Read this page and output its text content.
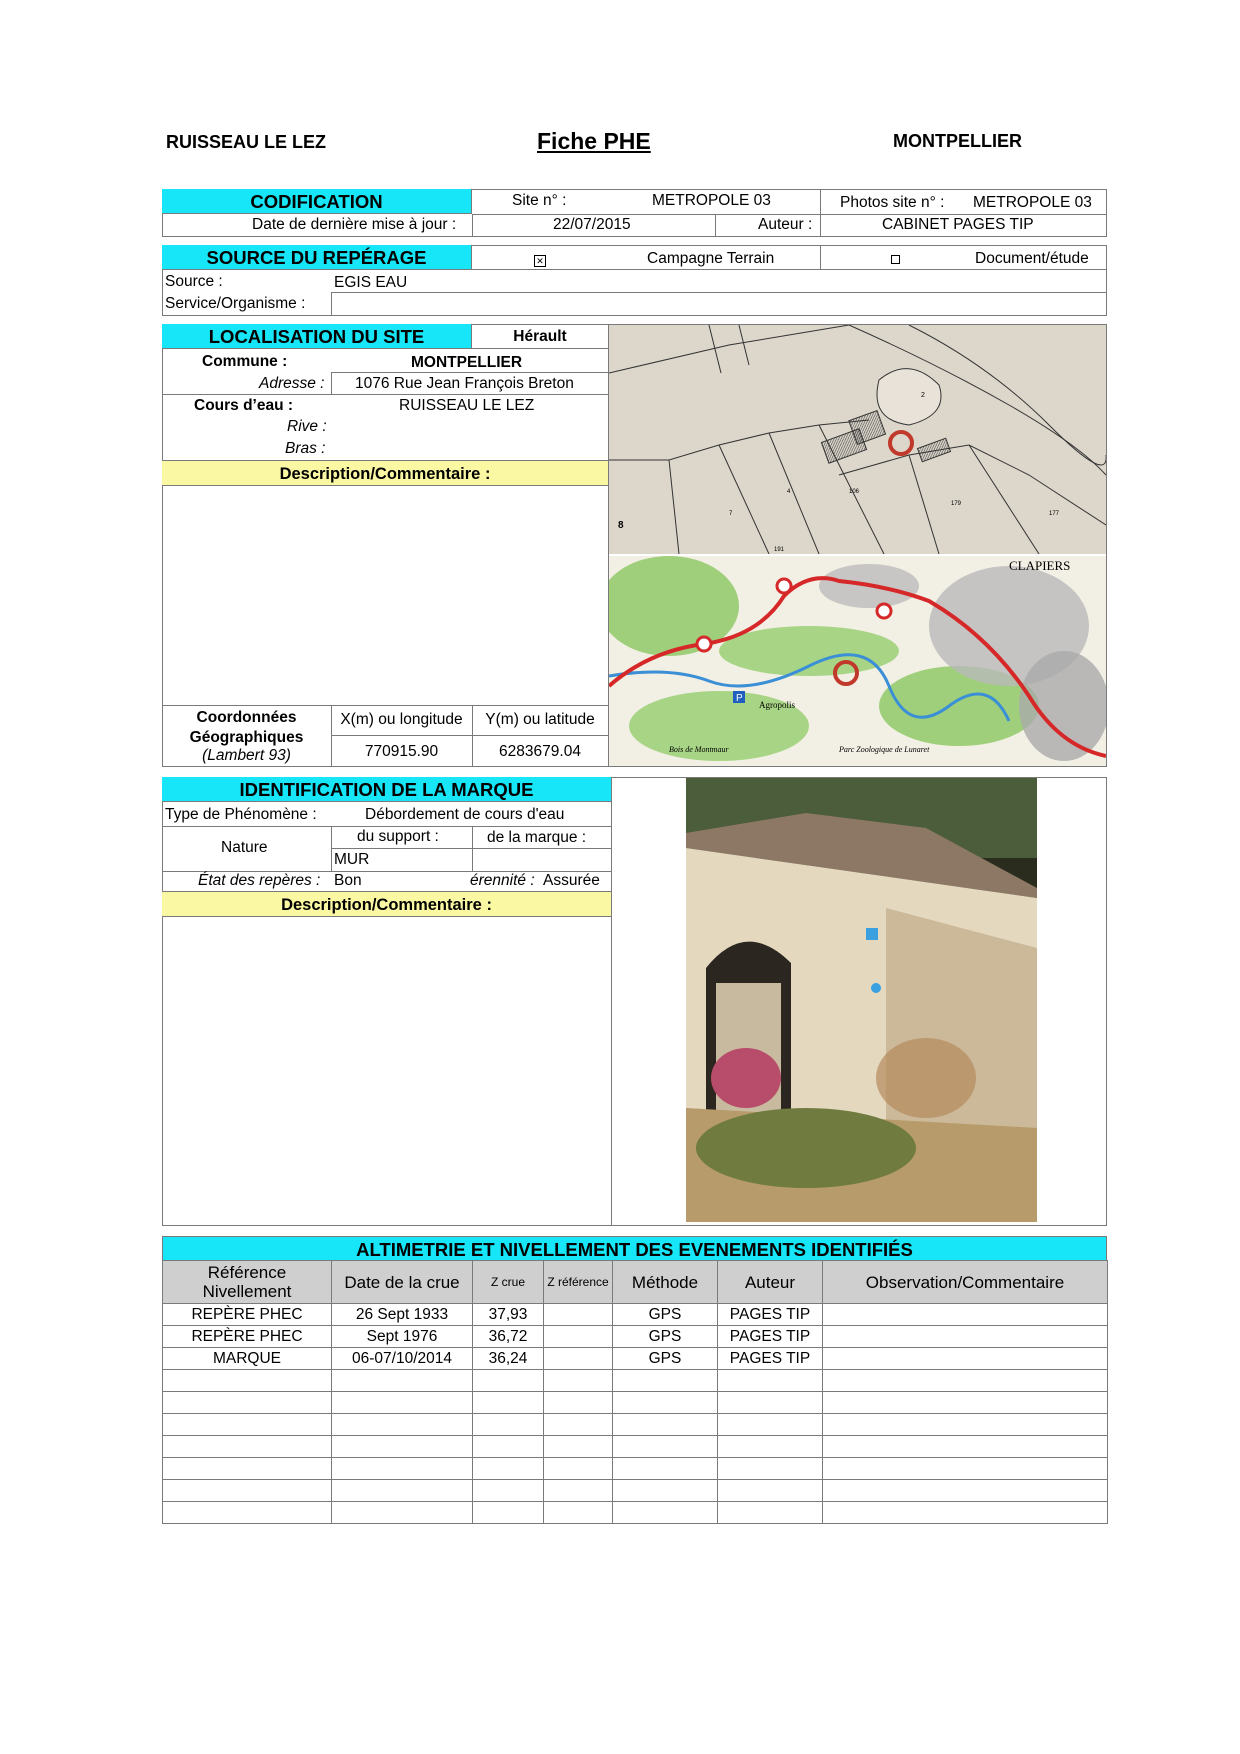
RUISSEAU LE LEZ	Fiche PHE	MONTPELLIER
CODIFICATION	Site n° :	METROPOLE 03	Photos site n° : METROPOLE 03
Date de dernière mise à jour :	22/07/2015	Auteur :	CABINET PAGES TIP
SOURCE DU REPÉRAGE	✕	Campagne Terrain	Document/étude
Source :	EGIS EAU
Service/Organisme :
LOCALISATION DU SITE	Hérault
Commune :	MONTPELLIER
Adresse : 1076 Rue Jean François Breton
Cours d’eau :	RUISSEAU LE LEZ
Rive :
Bras :
Description/Commentaire :
Coordonnées
Géographiques
(Lambert 93)
X(m) ou longitude	Y(m) ou latitude
770915.90	6283679.04
2
106
179
7
4
8
191
177
P
CLAPIERS
Agropolis
Parc Zoologique de Lunaret
Bois de Montmaur
IDENTIFICATION DE LA MARQUE
Type de Phénomène :	Débordement de cours d'eau
Nature
du support :	de la marque :
MUR
État des repères : Bon	érennité : Assurée
Description/Commentaire :
ALTIMETRIE ET NIVELLEMENT DES EVENEMENTS IDENTIFIÉS
Référence Nivellement	Date de la crue	Z crue	Z référence	Méthode	Auteur	Observation/Commentaire
REPÈRE PHEC	26 Sept 1933	37,93		GPS	PAGES TIP	
REPÈRE PHEC	Sept 1976	36,72		GPS	PAGES TIP	
MARQUE	06-07/10/2014	36,24		GPS	PAGES TIP	
